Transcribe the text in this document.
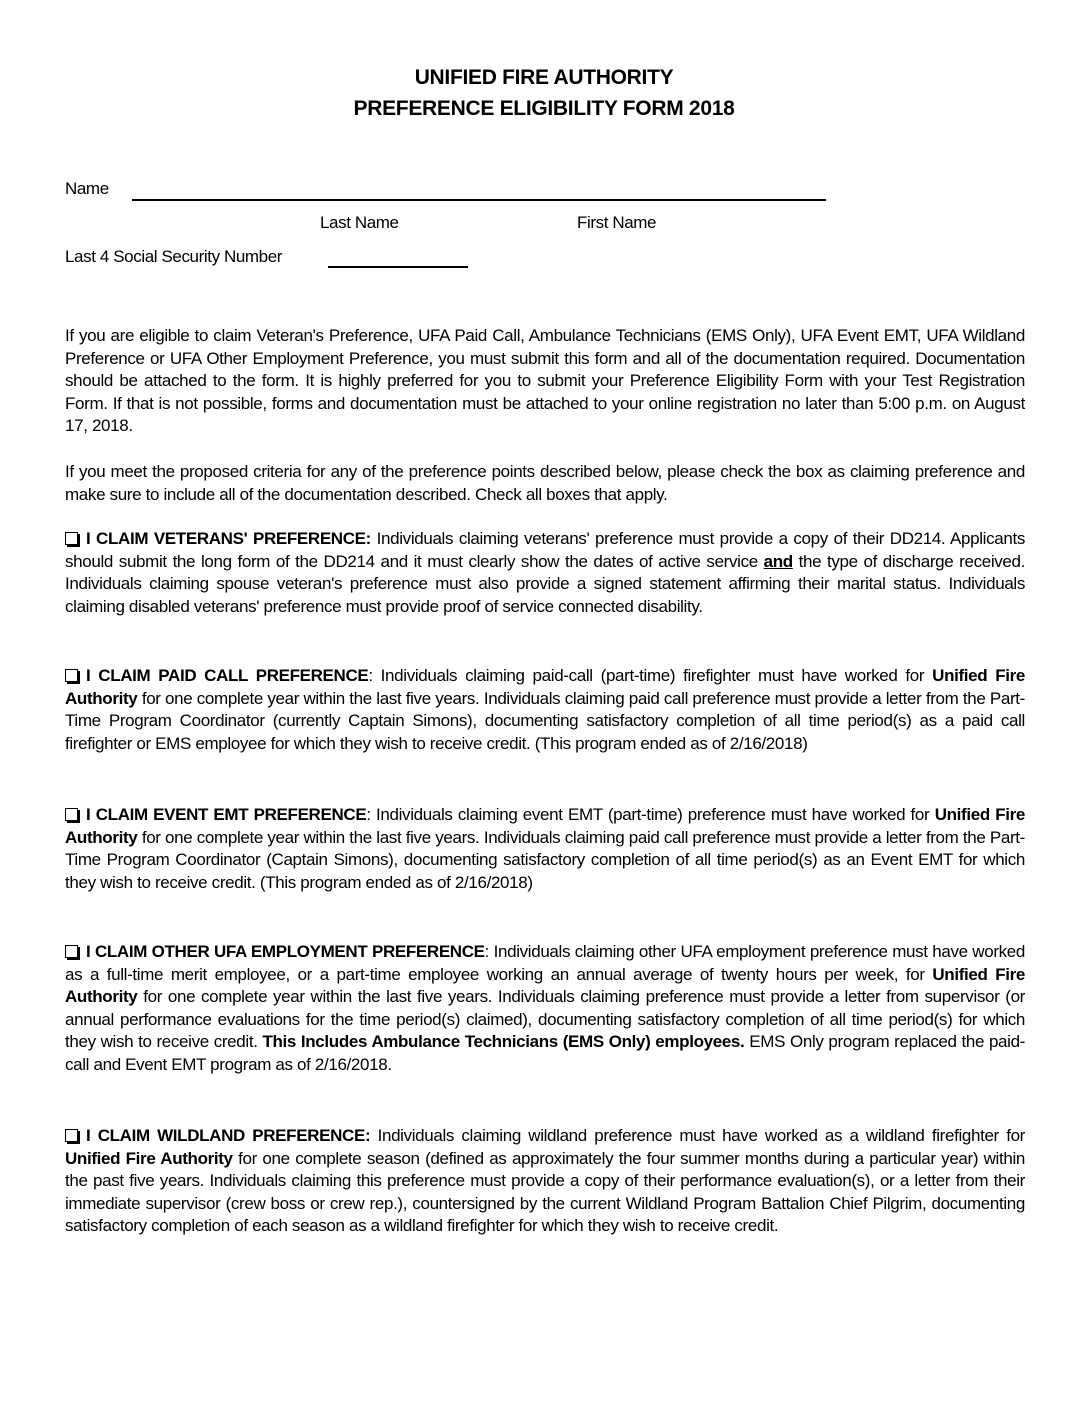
UNIFIED FIRE AUTHORITY
PREFERENCE ELIGIBILITY FORM 2018
Name
Last Name	First Name
Last 4 Social Security Number
If you are eligible to claim Veteran's Preference, UFA Paid Call, Ambulance Technicians (EMS Only), UFA Event EMT, UFA Wildland Preference or UFA Other Employment Preference, you must submit this form and all of the documentation required. Documentation should be attached to the form. It is highly preferred for you to submit your Preference Eligibility Form with your Test Registration Form. If that is not possible, forms and documentation must be attached to your online registration no later than 5:00 p.m. on August 17, 2018.
If you meet the proposed criteria for any of the preference points described below, please check the box as claiming preference and make sure to include all of the documentation described. Check all boxes that apply.
I CLAIM VETERANS' PREFERENCE: Individuals claiming veterans' preference must provide a copy of their DD214. Applicants should submit the long form of the DD214 and it must clearly show the dates of active service and the type of discharge received. Individuals claiming spouse veteran's preference must also provide a signed statement affirming their marital status. Individuals claiming disabled veterans' preference must provide proof of service connected disability.
I CLAIM PAID CALL PREFERENCE: Individuals claiming paid-call (part-time) firefighter must have worked for Unified Fire Authority for one complete year within the last five years. Individuals claiming paid call preference must provide a letter from the Part-Time Program Coordinator (currently Captain Simons), documenting satisfactory completion of all time period(s) as a paid call firefighter or EMS employee for which they wish to receive credit. (This program ended as of 2/16/2018)
I CLAIM EVENT EMT PREFERENCE: Individuals claiming event EMT (part-time) preference must have worked for Unified Fire Authority for one complete year within the last five years. Individuals claiming paid call preference must provide a letter from the Part-Time Program Coordinator (Captain Simons), documenting satisfactory completion of all time period(s) as an Event EMT for which they wish to receive credit. (This program ended as of 2/16/2018)
I CLAIM OTHER UFA EMPLOYMENT PREFERENCE: Individuals claiming other UFA employment preference must have worked as a full-time merit employee, or a part-time employee working an annual average of twenty hours per week, for Unified Fire Authority for one complete year within the last five years. Individuals claiming preference must provide a letter from supervisor (or annual performance evaluations for the time period(s) claimed), documenting satisfactory completion of all time period(s) for which they wish to receive credit. This Includes Ambulance Technicians (EMS Only) employees. EMS Only program replaced the paid-call and Event EMT program as of 2/16/2018.
I CLAIM WILDLAND PREFERENCE: Individuals claiming wildland preference must have worked as a wildland firefighter for Unified Fire Authority for one complete season (defined as approximately the four summer months during a particular year) within the past five years. Individuals claiming this preference must provide a copy of their performance evaluation(s), or a letter from their immediate supervisor (crew boss or crew rep.), countersigned by the current Wildland Program Battalion Chief Pilgrim, documenting satisfactory completion of each season as a wildland firefighter for which they wish to receive credit.
